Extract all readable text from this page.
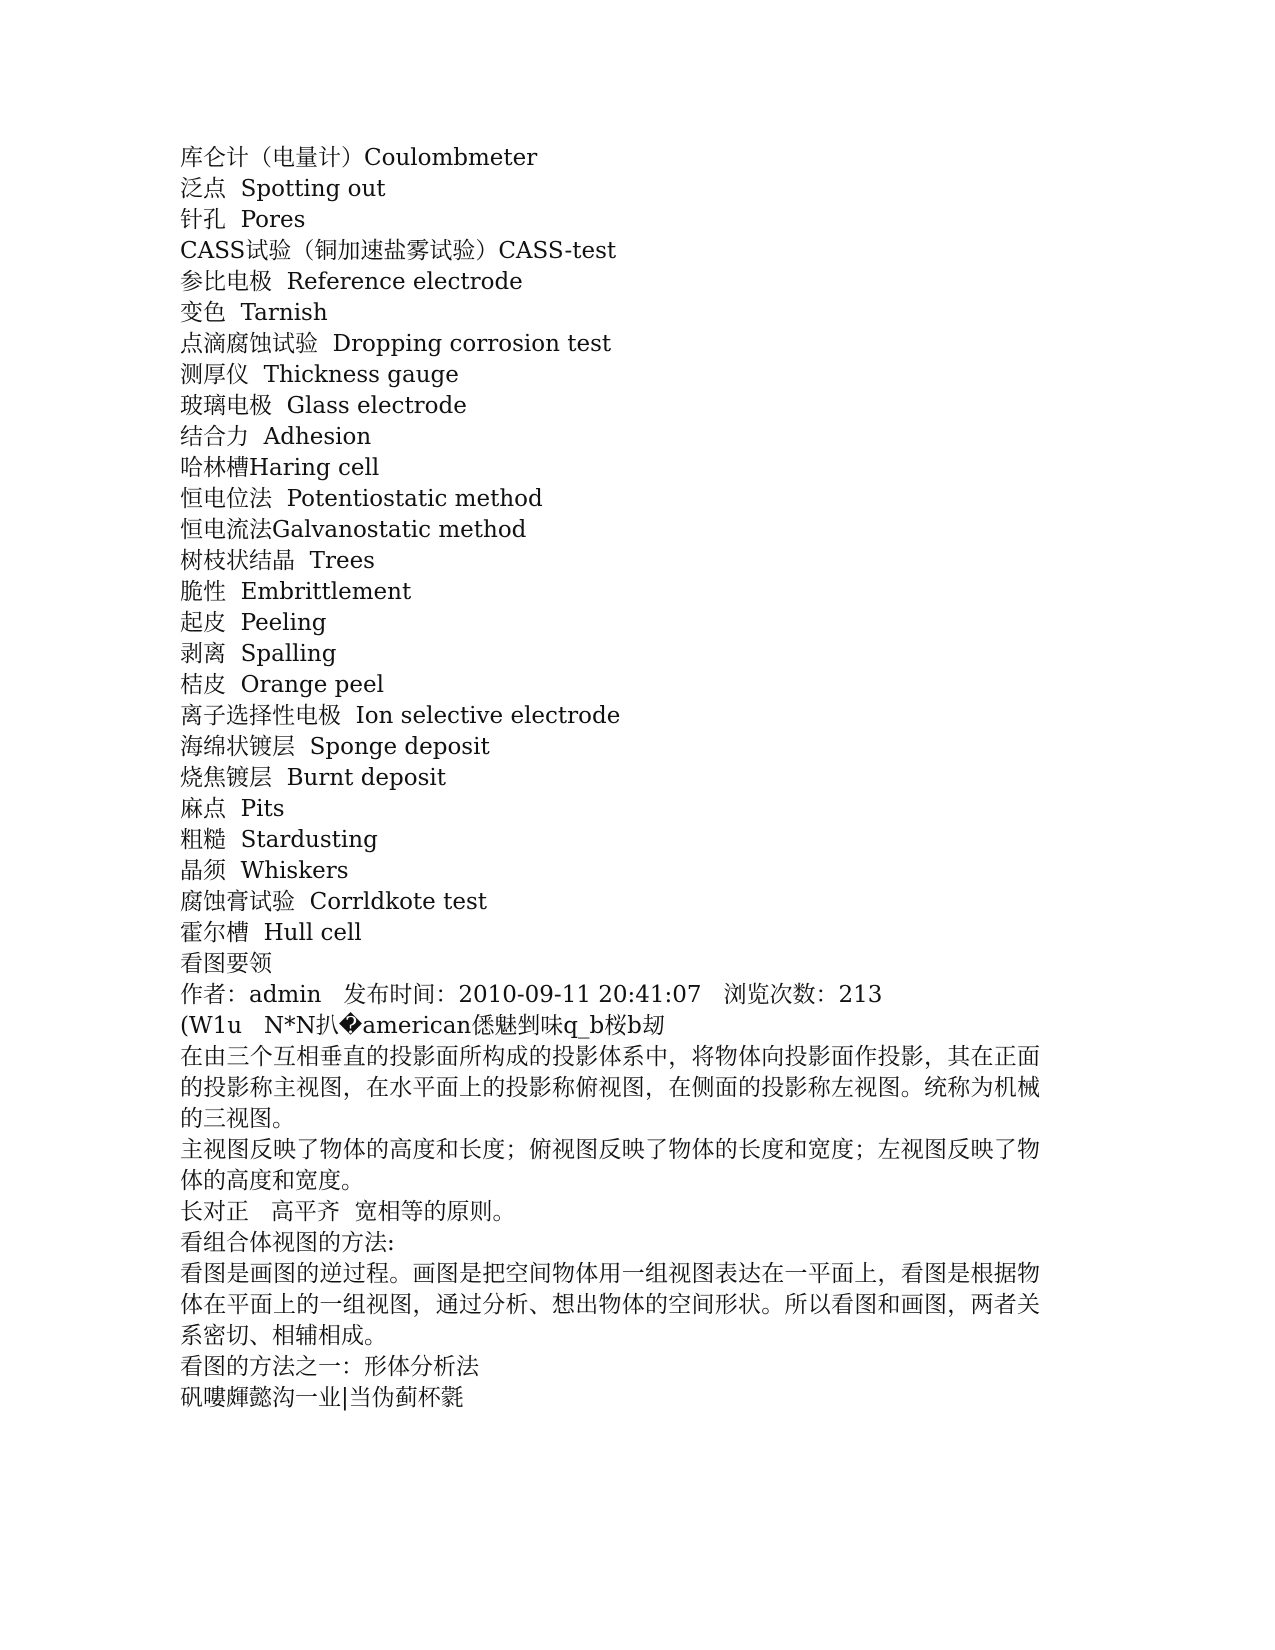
库仑计（电量计）Coulombmeter
泛点  Spotting out
针孔  Pores
CASS试验（铜加速盐雾试验）CASS-test
参比电极  Reference electrode
变色  Tarnish
点滴腐蚀试验  Dropping corrosion test
测厚仪  Thickness gauge
玻璃电极  Glass electrode
结合力  Adhesion
哈林槽Haring cell
恒电位法  Potentiostatic method
恒电流法Galvanostatic method
树枝状结晶  Trees
脆性  Embrittlement
起皮  Peeling
剥离  Spalling
桔皮  Orange peel
离子选择性电极  Ion selective electrode
海绵状镀层  Sponge deposit
烧焦镀层  Burnt deposit
麻点  Pits
粗糙  Stardusting
晶须  Whiskers
腐蚀膏试验  Corrldkote test
霍尔槽  Hull cell
看图要领
作者：admin   发布时间：2010-09-11 20:41:07   浏览次数：213
(W1u   N*N扒�american僁魅剉味q_b桜b刼
在由三个互相垂直的投影面所构成的投影体系中，将物体向投影面作投影，其在正面的投影称主视图，在水平面上的投影称俯视图，在侧面的投影称左视图。统称为机械的三视图。
主视图反映了物体的高度和长度；俯视图反映了物体的长度和宽度；左视图反映了物体的高度和宽度。
长对正   高平齐  宽相等的原则。
看组合体视图的方法:
看图是画图的逆过程。画图是把空间物体用一组视图表达在一平面上，看图是根据物体在平面上的一组视图，通过分析、想出物体的空间形状。所以看图和画图，两者关系密切、相辅相成。
看图的方法之一：形体分析法
矾嘍皹懿沟一业|当伪蓟杯氋
